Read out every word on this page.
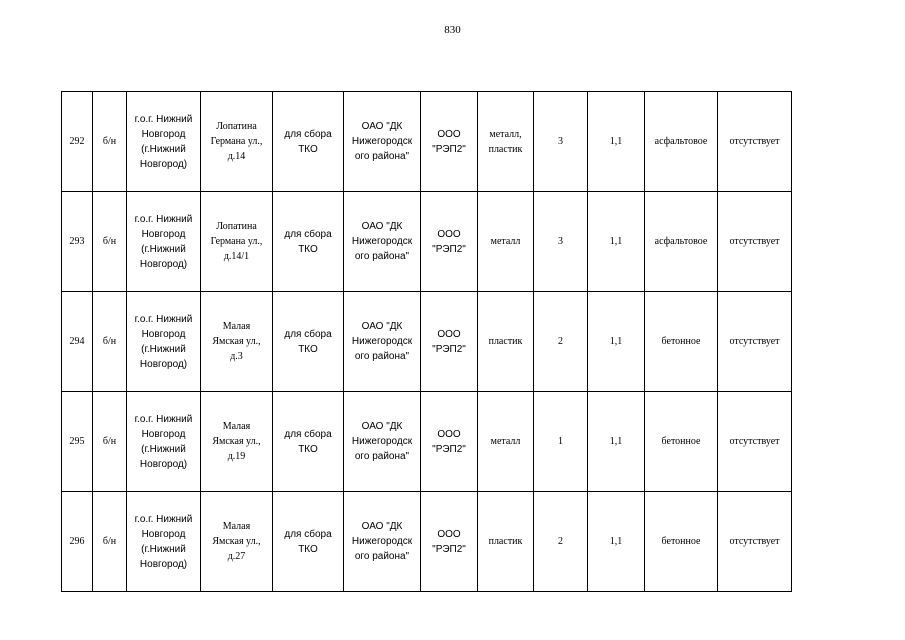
830
292	б/н	г.о.г. Нижний
Новгород
(г.Нижний
Новгород)	Лопатина
Германа ул.,
д.14	для сбора
ТКО	ОАО "ДК
Нижегородск
ого района"	ООО
"РЭП2"	металл,
пластик	3	1,1	асфальтовое	отсутствует
293	б/н	г.о.г. Нижний
Новгород
(г.Нижний
Новгород)	Лопатина
Германа ул.,
д.14/1	для сбора
ТКО	ОАО "ДК
Нижегородск
ого района"	ООО
"РЭП2"	металл	3	1,1	асфальтовое	отсутствует
294	б/н	г.о.г. Нижний
Новгород
(г.Нижний
Новгород)	Малая
Ямская ул.,
д.3	для сбора
ТКО	ОАО "ДК
Нижегородск
ого района"	ООО
"РЭП2"	пластик	2	1,1	бетонное	отсутствует
295	б/н	г.о.г. Нижний
Новгород
(г.Нижний
Новгород)	Малая
Ямская ул.,
д.19	для сбора
ТКО	ОАО "ДК
Нижегородск
ого района"	ООО
"РЭП2"	металл	1	1,1	бетонное	отсутствует
296	б/н	г.о.г. Нижний
Новгород
(г.Нижний
Новгород)	Малая
Ямская ул.,
д.27	для сбора
ТКО	ОАО "ДК
Нижегородск
ого района"	ООО
"РЭП2"	пластик	2	1,1	бетонное	отсутствует
